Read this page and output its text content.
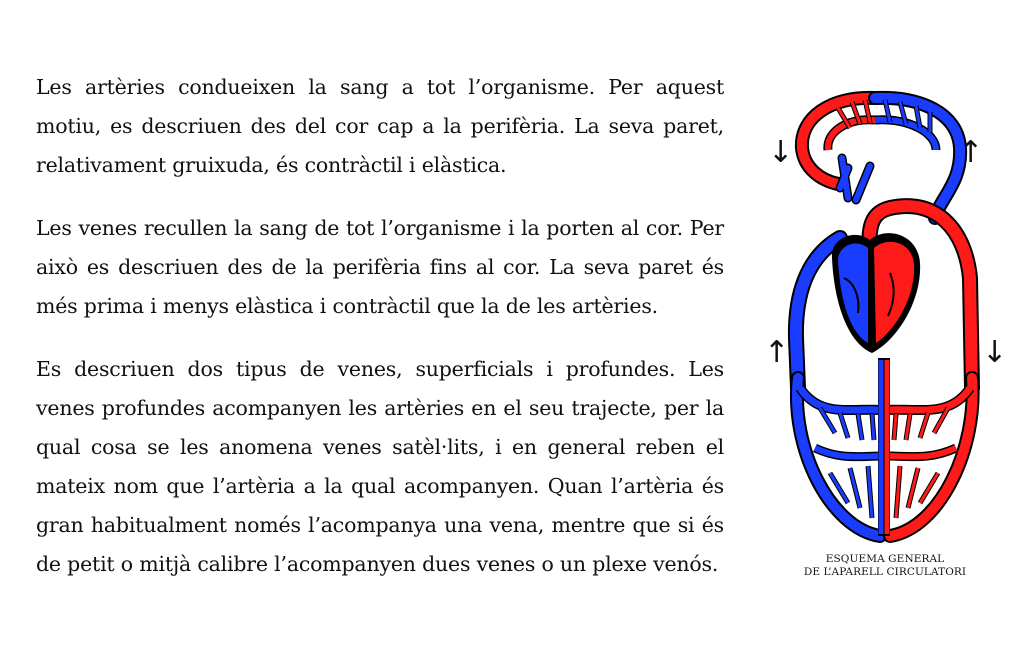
Les artèries condueixen la sang a tot l’organisme. Per aquest motiu, es descriuen des del cor cap a la perifèria. La seva paret, relativament gruixuda, és contràctil i elàstica.

Les venes recullen la sang de tot l’organisme i la porten al cor. Per això es descriuen des de la perifèria fins al cor. La seva paret és més prima i menys elàstica i contràctil que la de les artèries.

Es descriuen dos tipus de venes, superficials i profundes. Les venes profundes acompanyen les artèries en el seu trajecte, per la qual cosa se les anomena venes satèl·lits, i en general reben el mateix nom que l’artèria a la qual acompanyen. Quan l’artèria és gran habitualment només l’acompanya una vena, mentre que si és de petit o mitjà calibre l’acompanyen dues venes o un plexe venós.

↓	↑
↑	↓
ESQUEMA GENERAL
DE L’APARELL CIRCULATORI
